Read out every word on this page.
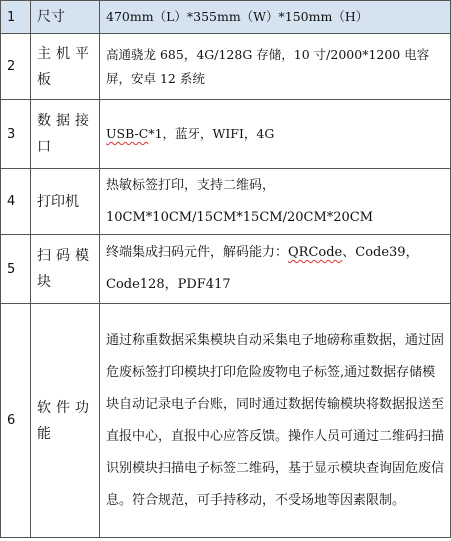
1	尺寸	470mm（L）*355mm（W）*150mm（H）
2	主机平板	高通骁龙 685，4G/128G 存储，10 寸/2000*1200 电容屏，安卓 12 系统
3	数据接口	USB-C*1，蓝牙，WIFI，4G
4	打印机	热敏标签打印，支持二维码，
10CM*10CM/15CM*15CM/20CM*20CM

5	扫码模块	终端集成扫码元件，解码能力：QRCode、Code39，Code128，PDF417
6	软件功能	通过称重数据采集模块自动采集电子地磅称重数据，通过固危废标签打印模块打印危险废物电子标签,通过数据存储模块自动记录电子台账，同时通过数据传输模块将数据报送至直报中心，直报中心应答反馈。操作人员可通过二维码扫描识别模块扫描电子标签二维码，基于显示模块查询固危废信息。符合规范，可手持移动，不受场地等因素限制。
